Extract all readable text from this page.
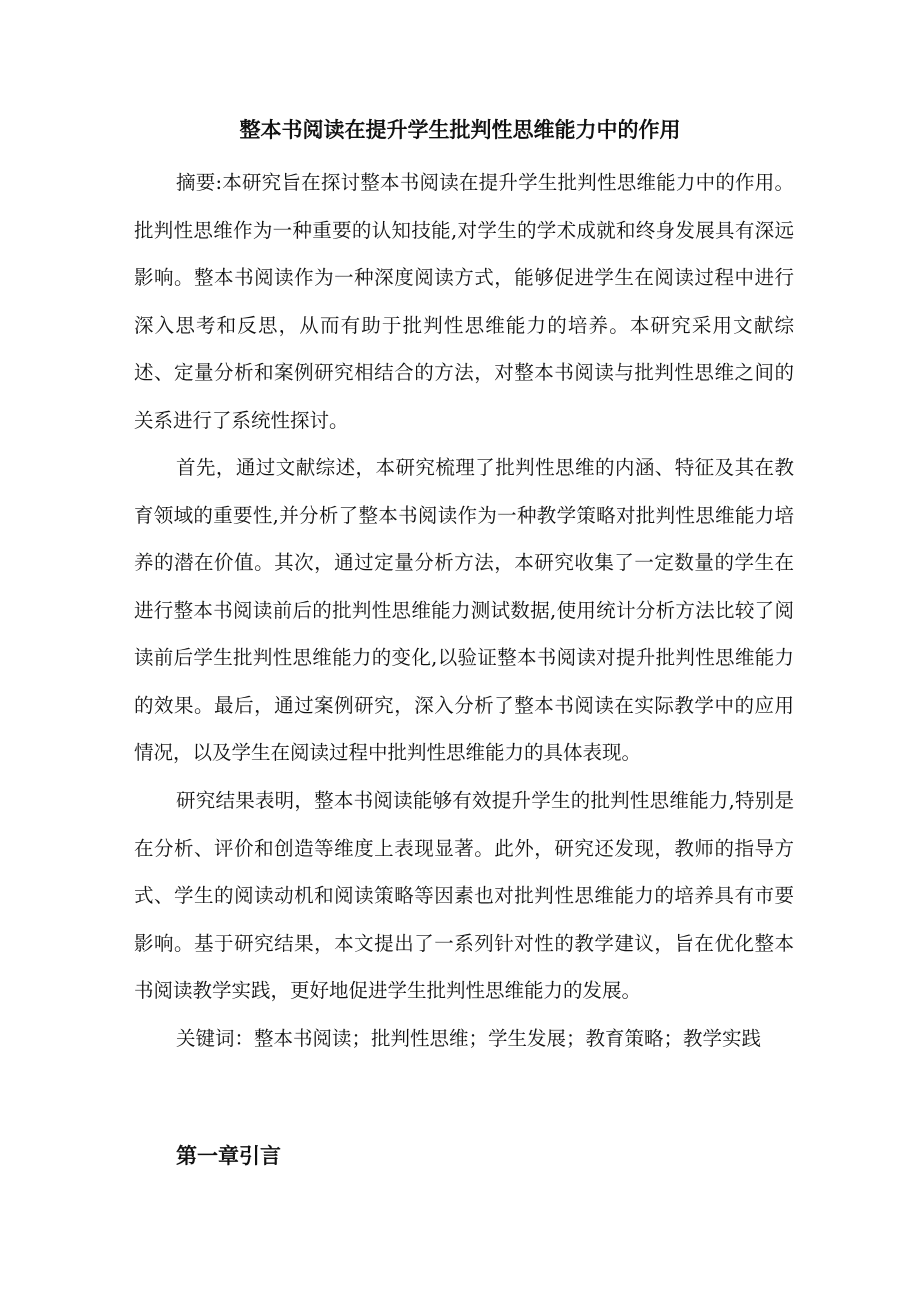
整本书阅读在提升学生批判性思维能力中的作用

摘要:本研究旨在探讨整本书阅读在提升学生批判性思维能力中的作用。批判性思维作为一种重要的认知技能,对学生的学术成就和终身发展具有深远影响。整本书阅读作为一种深度阅读方式，能够促进学生在阅读过程中进行深入思考和反思，从而有助于批判性思维能力的培养。本研究采用文献综述、定量分析和案例研究相结合的方法，对整本书阅读与批判性思维之间的关系进行了系统性探讨。

首先，通过文献综述，本研究梳理了批判性思维的内涵、特征及其在教育领域的重要性,并分析了整本书阅读作为一种教学策略对批判性思维能力培养的潜在价值。其次，通过定量分析方法，本研究收集了一定数量的学生在进行整本书阅读前后的批判性思维能力测试数据,使用统计分析方法比较了阅读前后学生批判性思维能力的变化,以验证整本书阅读对提升批判性思维能力的效果。最后，通过案例研究，深入分析了整本书阅读在实际教学中的应用情况，以及学生在阅读过程中批判性思维能力的具体表现。

研究结果表明，整本书阅读能够有效提升学生的批判性思维能力,特别是在分析、评价和创造等维度上表现显著。此外，研究还发现，教师的指导方式、学生的阅读动机和阅读策略等因素也对批判性思维能力的培养具有市要影响。基于研究结果，本文提出了一系列针对性的教学建议，旨在优化整本书阅读教学实践，更好地促进学生批判性思维能力的发展。

关键词：整本书阅读；批判性思维；学生发展；教育策略；教学实践

第一章引言
